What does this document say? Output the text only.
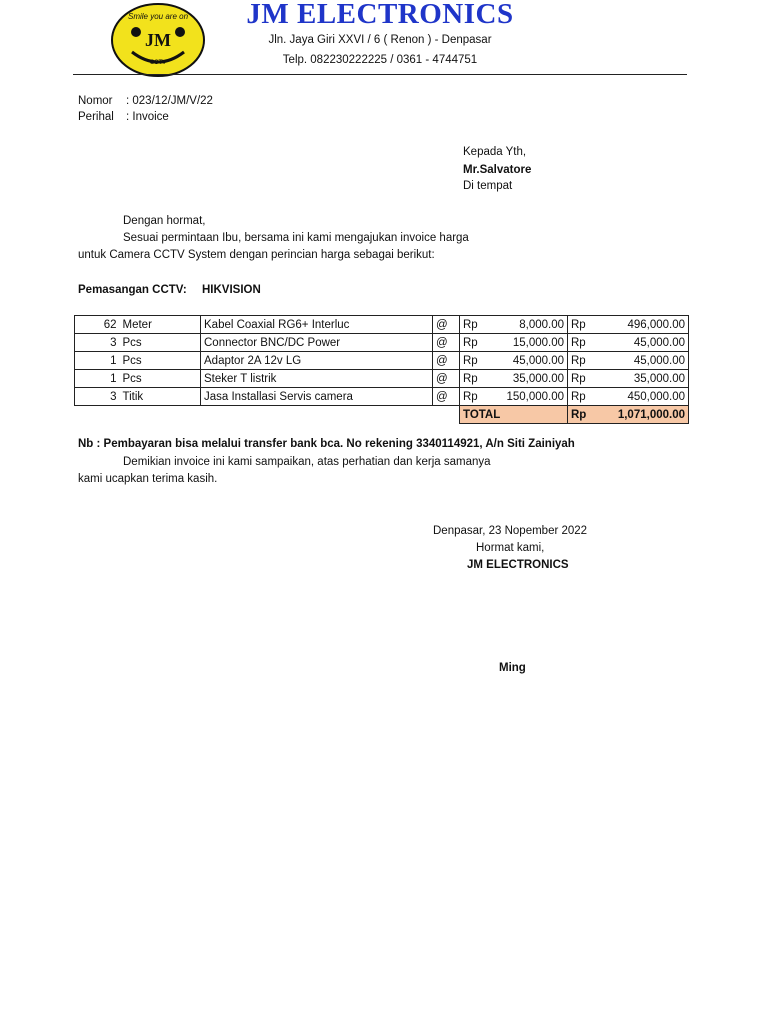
Smile you are on
JM
CCTV
JM ELECTRONICS
Jln. Jaya Giri XXVI / 6 ( Renon ) - Denpasar
Telp. 082230222225 / 0361 - 4744751
Nomor : 023/12/JM/V/22
Perihal : Invoice
Kepada Yth,
Mr.Salvatore
Di tempat
Dengan hormat,
Sesuai permintaan Ibu, bersama ini kami mengajukan invoice harga
untuk Camera CCTV System dengan perincian harga sebagai berikut:
Pemasangan CCTV: HIKVISION
62	Meter	Kabel Coaxial RG6+ Interluc	@	Rp	8,000.00	Rp	496,000.00
3	Pcs	Connector BNC/DC Power	@	Rp	15,000.00	Rp	45,000.00
1	Pcs	Adaptor 2A 12v LG	@	Rp	45,000.00	Rp	45,000.00
1	Pcs	Steker T listrik	@	Rp	35,000.00	Rp	35,000.00
3	Titik	Jasa Installasi Servis camera	@	Rp	150,000.00	Rp	450,000.00
				TOTAL		Rp	1,071,000.00
Nb : Pembayaran bisa melalui transfer bank bca. No rekening 3340114921, A/n Siti Zainiyah
Demikian invoice ini kami sampaikan, atas perhatian dan kerja samanya
kami ucapkan terima kasih.
Denpasar, 23 Nopember 2022
Hormat kami,
JM ELECTRONICS
Ming
